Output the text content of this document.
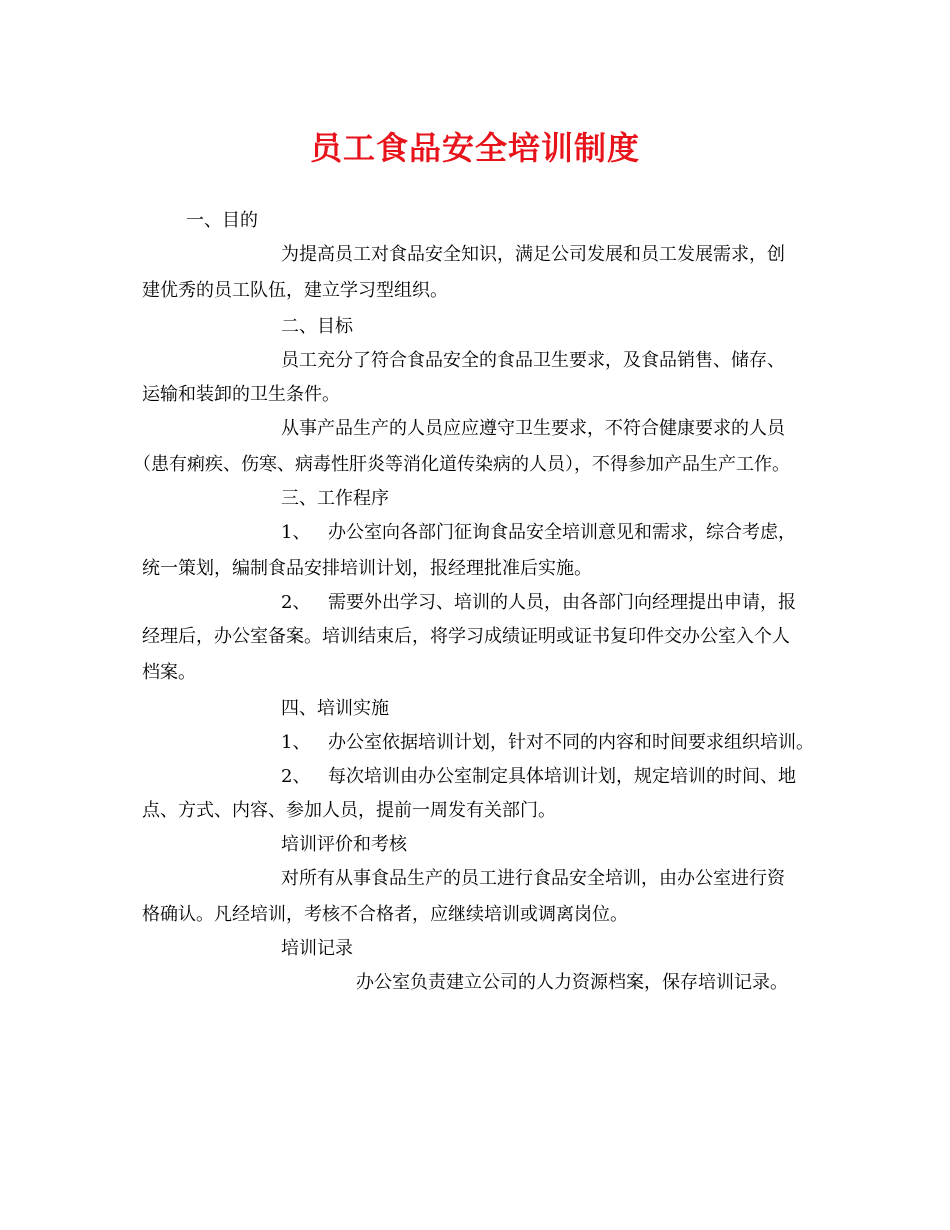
员工食品安全培训制度
一、目的
为提高员工对食品安全知识，满足公司发展和员工发展需求，创
建优秀的员工队伍，建立学习型组织。
二、目标
员工充分了符合食品安全的食品卫生要求，及食品销售、储存、
运输和装卸的卫生条件。
从事产品生产的人员应应遵守卫生要求，不符合健康要求的人员
（患有痢疾、伤寒、病毒性肝炎等消化道传染病的人员），不得参加产品生产工作。
三、工作程序
1、 办公室向各部门征询食品安全培训意见和需求，综合考虑，
统一策划，编制食品安排培训计划，报经理批准后实施。
2、 需要外出学习、培训的人员，由各部门向经理提出申请，报
经理后，办公室备案。培训结束后，将学习成绩证明或证书复印件交办公室入个人
档案。
四、培训实施
1、 办公室依据培训计划，针对不同的内容和时间要求组织培训。
2、 每次培训由办公室制定具体培训计划，规定培训的时间、地
点、方式、内容、参加人员，提前一周发有关部门。
培训评价和考核
对所有从事食品生产的员工进行食品安全培训，由办公室进行资
格确认。凡经培训，考核不合格者，应继续培训或调离岗位。
培训记录
办公室负责建立公司的人力资源档案，保存培训记录。
